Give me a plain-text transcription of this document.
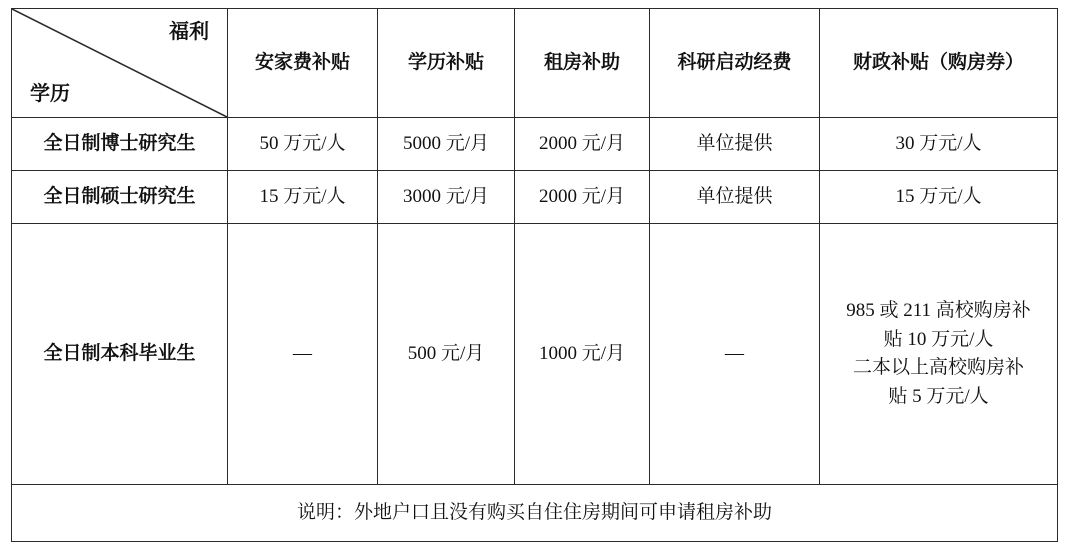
福利
学历	安家费补贴	学历补贴	租房补助	科研启动经费	财政补贴（购房券）
全日制博士研究生	50 万元/人	5000 元/月	2000 元/月	单位提供	30 万元/人
全日制硕士研究生	15 万元/人	3000 元/月	2000 元/月	单位提供	15 万元/人
全日制本科毕业生	—	500 元/月	1000 元/月	—	985 或 211 高校购房补
贴 10 万元/人
二本以上高校购房补
贴 5 万元/人

说明：外地户口且没有购买自住住房期间可申请租房补助					
